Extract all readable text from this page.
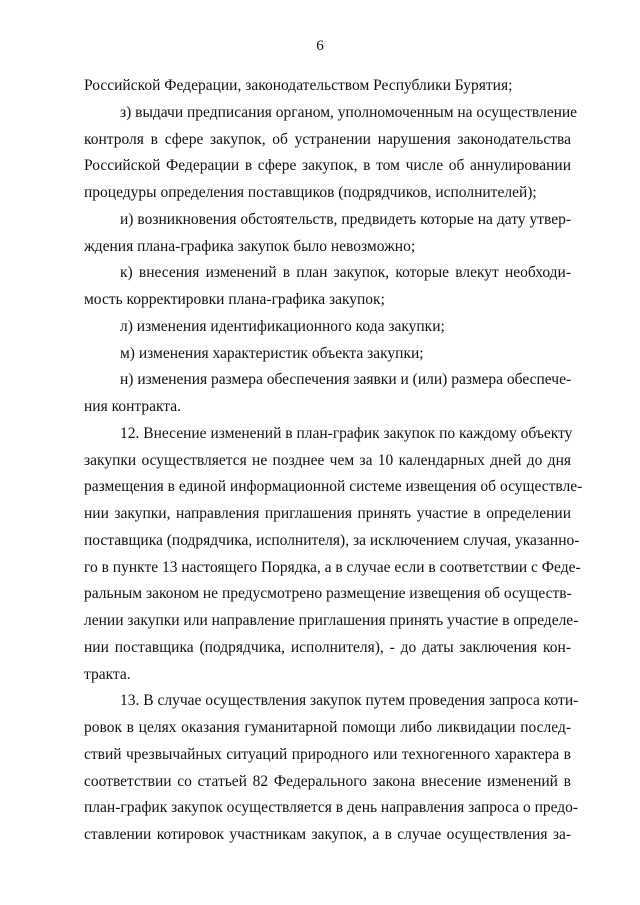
6
Российской Федерации, законодательством Республики Бурятия;
з) выдачи предписания органом, уполномоченным на осуществление
контроля в сфере закупок, об устранении нарушения законодательства
Российской Федерации в сфере закупок, в том числе об аннулировании
процедуры определения поставщиков (подрядчиков, исполнителей);
и) возникновения обстоятельств, предвидеть которые на дату утвер-
ждения плана-графика закупок было невозможно;
к) внесения изменений в план закупок, которые влекут необходи-
мость корректировки плана-графика закупок;
л) изменения идентификационного кода закупки;
м) изменения характеристик объекта закупки;
н) изменения размера обеспечения заявки и (или) размера обеспече-
ния контракта.
12. Внесение изменений в план-график закупок по каждому объекту
закупки осуществляется не позднее чем за 10 календарных дней до дня
размещения в единой информационной системе извещения об осуществле-
нии закупки, направления приглашения принять участие в определении
поставщика (подрядчика, исполнителя), за исключением случая, указанно-
го в пункте 13 настоящего Порядка, а в случае если в соответствии с Феде-
ральным законом не предусмотрено размещение извещения об осуществ-
лении закупки или направление приглашения принять участие в определе-
нии поставщика (подрядчика, исполнителя), - до даты заключения кон-
тракта.
13. В случае осуществления закупок путем проведения запроса коти-
ровок в целях оказания гуманитарной помощи либо ликвидации послед-
ствий чрезвычайных ситуаций природного или техногенного характера в
соответствии со статьей 82 Федерального закона внесение изменений в
план-график закупок осуществляется в день направления запроса о предо-
ставлении котировок участникам закупок, а в случае осуществления за-
